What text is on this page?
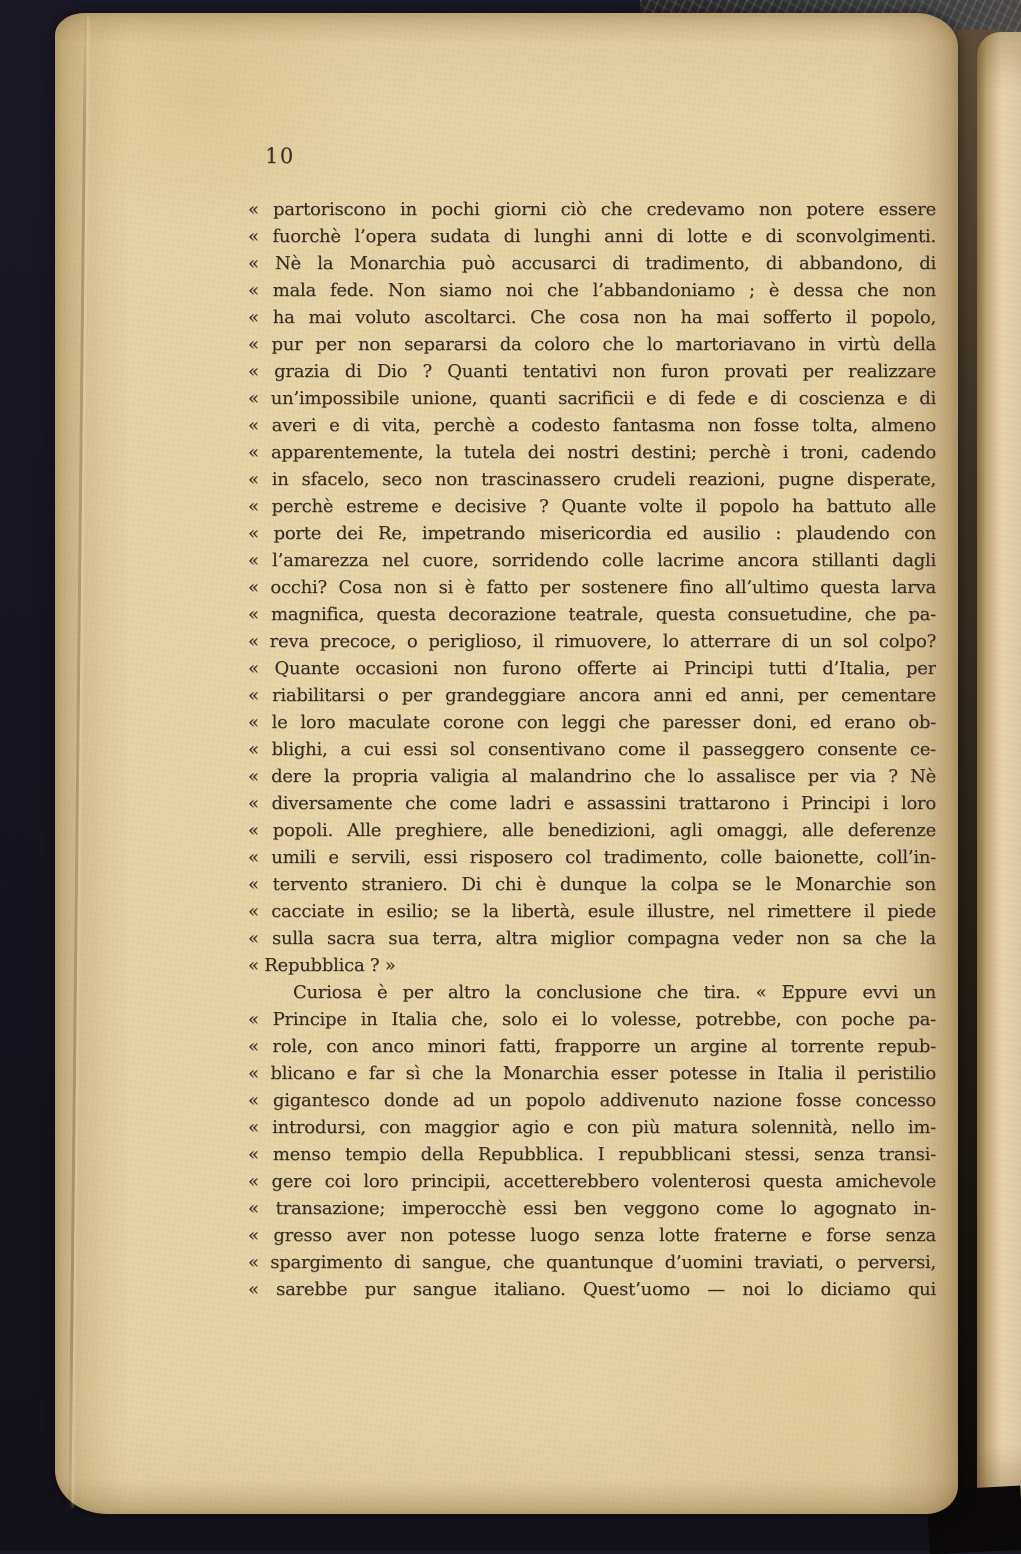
10
« partoriscono in pochi giorni ciò che credevamo non potere essere
« fuorchè l’opera sudata di lunghi anni di lotte e di sconvolgimenti.
« Nè la Monarchia può accusarci di tradimento, di abbandono, di
« mala fede. Non siamo noi che l’abbandoniamo ; è dessa che non
« ha mai voluto ascoltarci. Che cosa non ha mai sofferto il popolo,
« pur per non separarsi da coloro che lo martoriavano in virtù della
« grazia di Dio ? Quanti tentativi non furon provati per realizzare
« un’impossibile unione, quanti sacrificii e di fede e di coscienza e di
« averi e di vita, perchè a codesto fantasma non fosse tolta, almeno
« apparentemente, la tutela dei nostri destini; perchè i troni, cadendo
« in sfacelo, seco non trascinassero crudeli reazioni, pugne disperate,
« perchè estreme e decisive ? Quante volte il popolo ha battuto alle
« porte dei Re, impetrando misericordia ed ausilio : plaudendo con
« l’amarezza nel cuore, sorridendo colle lacrime ancora stillanti dagli
« occhi? Cosa non si è fatto per sostenere fino all’ultimo questa larva
« magnifica, questa decorazione teatrale, questa consuetudine, che pa-
« reva precoce, o periglioso, il rimuovere, lo atterrare di un sol colpo?
« Quante occasioni non furono offerte ai Principi tutti d’Italia, per
« riabilitarsi o per grandeggiare ancora anni ed anni, per cementare
« le loro maculate corone con leggi che paresser doni, ed erano ob-
« blighi, a cui essi sol consentivano come il passeggero consente ce-
« dere la propria valigia al malandrino che lo assalisce per via ? Nè
« diversamente che come ladri e assassini trattarono i Principi i loro
« popoli. Alle preghiere, alle benedizioni, agli omaggi, alle deferenze
« umili e servili, essi risposero col tradimento, colle baionette, coll’in-
« tervento straniero. Di chi è dunque la colpa se le Monarchie son
« cacciate in esilio; se la libertà, esule illustre, nel rimettere il piede
« sulla sacra sua terra, altra miglior compagna veder non sa che la
« Repubblica ? »
Curiosa è per altro la conclusione che tira. « Eppure evvi un
« Principe in Italia che, solo ei lo volesse, potrebbe, con poche pa-
« role, con anco minori fatti, frapporre un argine al torrente repub-
« blicano e far sì che la Monarchia esser potesse in Italia il peristilio
« gigantesco donde ad un popolo addivenuto nazione fosse concesso
« introdursi, con maggior agio e con più matura solennità, nello im-
« menso tempio della Repubblica. I repubblicani stessi, senza transi-
« gere coi loro principii, accetterebbero volenterosi questa amichevole
« transazione; imperocchè essi ben veggono come lo agognato in-
« gresso aver non potesse luogo senza lotte fraterne e forse senza
« spargimento di sangue, che quantunque d’uomini traviati, o perversi,
« sarebbe pur sangue italiano. Quest’uomo — noi lo diciamo qui
